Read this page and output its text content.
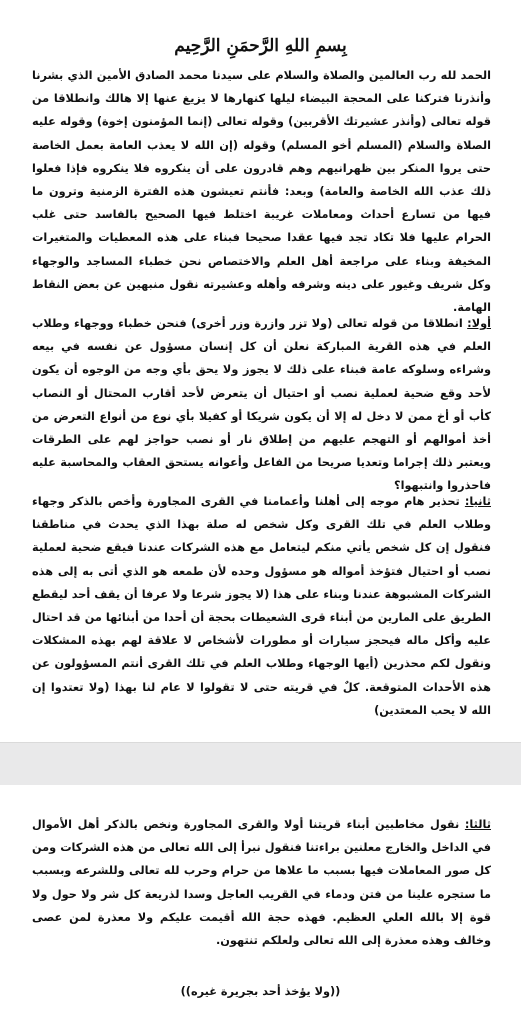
بِسمِ اللهِ الرَّحمَنِ الرَّحِيم

الحمد لله رب العالمين والصلاة والسلام على سيدنا محمد الصادق الأمين الذي بشرنا وأنذرنا فتركنا على المحجة البيضاء ليلها كنهارها لا يزيغ عنها إلا هالك وانطلاقا من قوله تعالى (وأنذر عشيرتك الأقربين) وقوله تعالى (إنما المؤمنون إخوة) وقوله عليه الصلاة والسلام (المسلم أخو المسلم) وقوله (إن الله لا يعذب العامة بعمل الخاصة حتى يروا المنكر بين ظهرانيهم وهم قادرون على أن ينكروه فلا ينكروه فإذا فعلوا ذلك عذب الله الخاصة والعامة) وبعد: فأنتم تعيشون هذه الفترة الزمنية وترون ما فيها من تسارع أحداث ومعاملات غريبة اختلط فيها الصحيح بالفاسد حتى غلب الحرام عليها فلا تكاد تجد فيها عقدا صحيحا فبناء على هذه المعطيات والمتغيرات المخيفة وبناء على مراجعة أهل العلم والاختصاص نحن خطباء المساجد والوجهاء وكل شريف وغيور على دينه وشرفه وأهله وعشيرته نقول منبهين عن بعض النقاط الهامة.

أولا: انطلاقا من قوله تعالى (ولا تزر وازرة وزر أخرى) فنحن خطباء ووجهاء وطلاب العلم في هذه القرية المباركة نعلن أن كل إنسان مسؤول عن نفسه في بيعه وشراءه وسلوكه عامة فبناء على ذلك لا يجوز ولا يحق بأي وجه من الوجوه أن يكون لأحد وقع ضحية لعملية نصب أو احتيال أن يتعرض لأحد أقارب المحتال أو النصاب كأب أو أخ ممن لا دخل له إلا أن يكون شريكا أو كفيلا بأي نوع من أنواع التعرض من أخذ أموالهم أو التهجم عليهم من إطلاق نار أو نصب حواجز لهم على الطرقات ويعتبر ذلك إجراما وتعديا صريحا من الفاعل وأعوانه يستحق العقاب والمحاسبة عليه فاحذروا وانتبهوا؟

ثانيا: تحذير هام موجه إلى أهلنا وأعمامنا في القرى المجاورة وأخص بالذكر وجهاء وطلاب العلم في تلك القرى وكل شخص له صلة بهذا الذي يحدث في مناطقنا فنقول إن كل شخص يأتي منكم ليتعامل مع هذه الشركات عندنا فيقع ضحية لعملية نصب أو احتيال فتؤخذ أمواله هو مسؤول وحده لأن طمعه هو الذي أتى به إلى هذه الشركات المشبوهة عندنا وبناء على هذا (لا يجوز شرعا ولا عرفا أن يقف أحد ليقطع الطريق على المارين من أبناء قرى الشعيطات بحجة أن أحدا من أبنائها من قد احتال عليه وأكل ماله فيحجز سيارات أو مطورات لأشخاص لا علاقة لهم بهذه المشكلات ونقول لكم محذرين (أيها الوجهاء وطلاب العلم في تلك القرى أنتم المسؤولون عن هذه الأحداث المتوقعة. كلٌ في قريته حتى لا تقولوا لا عام لنا بهذا (ولا تعتدوا إن الله لا يحب المعتدين)

ثالثا: نقول مخاطبين أبناء قريتنا أولا والقرى المجاورة ونخص بالذكر أهل الأموال في الداخل والخارج معلنين براءتنا فنقول نبرأ إلى الله تعالى من هذه الشركات ومن كل صور المعاملات فيها بسبب ما علاها من حرام وحرب لله تعالى وللشرعه وبسبب ما ستجره علينا من فتن ودماء في القريب العاجل وسدا لذريعة كل شر ولا حول ولا قوة إلا بالله العلي العظيم. فهذه حجة الله أقيمت عليكم ولا معذرة لمن عصى وخالف وهذه معذرة إلى الله تعالى ولعلكم تنتهون.

((ولا يؤخذ أحد بجريرة غيره))
